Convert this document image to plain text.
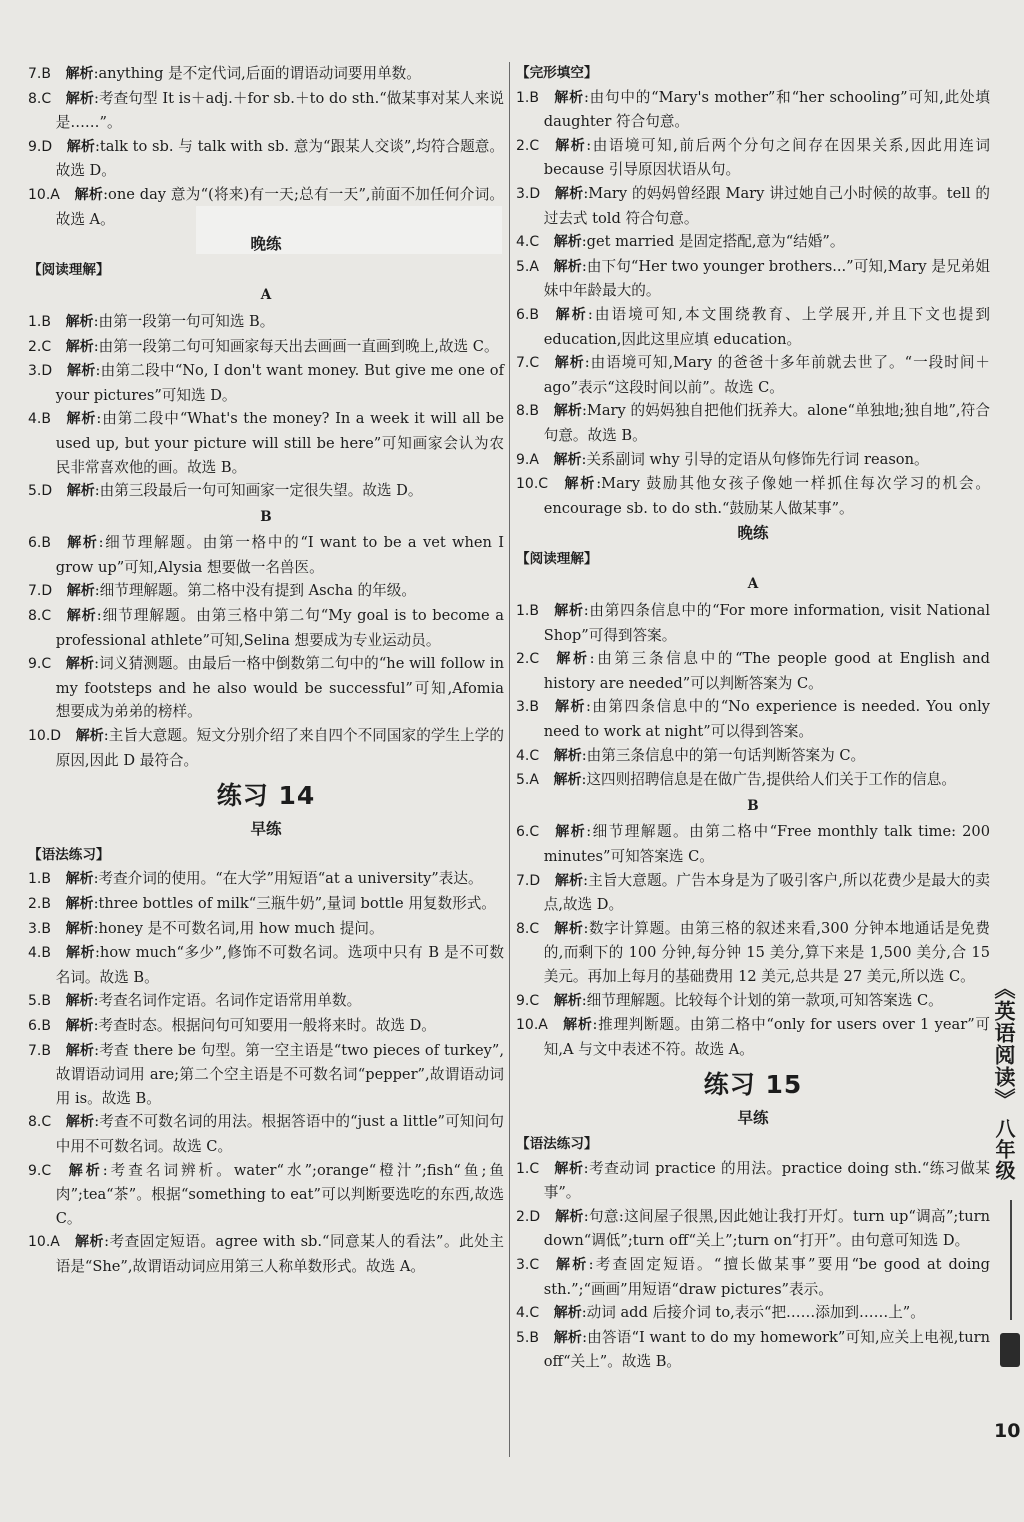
7.B  解析:anything 是不定代词,后面的谓语动词要用单数。

8.C  解析:考查句型 It is＋adj.＋for sb.＋to do sth.“做某事对某人来说是……”。

9.D  解析:talk to sb. 与 talk with sb. 意为“跟某人交谈”,均符合题意。故选 D。

10.A  解析:one day 意为“(将来)有一天;总有一天”,前面不加任何介词。故选 A。

晚练

【阅读理解】

A

1.B  解析:由第一段第一句可知选 B。

2.C  解析:由第一段第二句可知画家每天出去画画一直画到晚上,故选 C。

3.D  解析:由第二段中“No, I don't want money. But give me one of your pictures”可知选 D。

4.B  解析:由第二段中“What's the money? In a week it will all be used up, but your picture will still be here”可知画家会认为农民非常喜欢他的画。故选 B。

5.D  解析:由第三段最后一句可知画家一定很失望。故选 D。

B

6.B  解析:细节理解题。由第一格中的“I want to be a vet when I grow up”可知,Alysia 想要做一名兽医。

7.D  解析:细节理解题。第二格中没有提到 Ascha 的年级。

8.C  解析:细节理解题。由第三格中第二句“My goal is to become a professional athlete”可知,Selina 想要成为专业运动员。

9.C  解析:词义猜测题。由最后一格中倒数第二句中的“he will follow in my footsteps and he also would be successful”可知,Afomia 想要成为弟弟的榜样。

10.D  解析:主旨大意题。短文分别介绍了来自四个不同国家的学生上学的原因,因此 D 最符合。

练习 14

早练

【语法练习】

1.B  解析:考查介词的使用。“在大学”用短语“at a university”表达。

2.B  解析:three bottles of milk“三瓶牛奶”,量词 bottle 用复数形式。

3.B  解析:honey 是不可数名词,用 how much 提问。

4.B  解析:how much“多少”,修饰不可数名词。选项中只有 B 是不可数名词。故选 B。

5.B  解析:考查名词作定语。名词作定语常用单数。

6.B  解析:考查时态。根据问句可知要用一般将来时。故选 D。

7.B  解析:考查 there be 句型。第一空主语是“two pieces of turkey”,故谓语动词用 are;第二个空主语是不可数名词“pepper”,故谓语动词用 is。故选 B。

8.C  解析:考查不可数名词的用法。根据答语中的“just a little”可知问句中用不可数名词。故选 C。

9.C  解析:考查名词辨析。water“水”;orange“橙汁”;fish“鱼;鱼肉”;tea“茶”。根据“something to eat”可以判断要选吃的东西,故选 C。

10.A  解析:考查固定短语。agree with sb.“同意某人的看法”。此处主语是“She”,故谓语动词应用第三人称单数形式。故选 A。

【完形填空】

1.B  解析:由句中的“Mary's mother”和“her schooling”可知,此处填 daughter 符合句意。

2.C  解析:由语境可知,前后两个分句之间存在因果关系,因此用连词 because 引导原因状语从句。

3.D  解析:Mary 的妈妈曾经跟 Mary 讲过她自己小时候的故事。tell 的过去式 told 符合句意。

4.C  解析:get married 是固定搭配,意为“结婚”。

5.A  解析:由下句“Her two younger brothers...”可知,Mary 是兄弟姐妹中年龄最大的。

6.B  解析:由语境可知,本文围绕教育、上学展开,并且下文也提到 education,因此这里应填 education。

7.C  解析:由语境可知,Mary 的爸爸十多年前就去世了。“一段时间＋ago”表示“这段时间以前”。故选 C。

8.B  解析:Mary 的妈妈独自把他们抚养大。alone“单独地;独自地”,符合句意。故选 B。

9.A  解析:关系副词 why 引导的定语从句修饰先行词 reason。

10.C  解析:Mary 鼓励其他女孩子像她一样抓住每次学习的机会。encourage sb. to do sth.“鼓励某人做某事”。

晚练

【阅读理解】

A

1.B  解析:由第四条信息中的“For more information, visit National Shop”可得到答案。

2.C  解析:由第三条信息中的“The people good at English and history are needed”可以判断答案为 C。

3.B  解析:由第四条信息中的“No experience is needed. You only need to work at night”可以得到答案。

4.C  解析:由第三条信息中的第一句话判断答案为 C。

5.A  解析:这四则招聘信息是在做广告,提供给人们关于工作的信息。

B

6.C  解析:细节理解题。由第二格中“Free monthly talk time: 200 minutes”可知答案选 C。

7.D  解析:主旨大意题。广告本身是为了吸引客户,所以花费少是最大的卖点,故选 D。

8.C  解析:数字计算题。由第三格的叙述来看,300 分钟本地通话是免费的,而剩下的 100 分钟,每分钟 15 美分,算下来是 1,500 美分,合 15 美元。再加上每月的基础费用 12 美元,总共是 27 美元,所以选 C。

9.C  解析:细节理解题。比较每个计划的第一款项,可知答案选 C。

10.A  解析:推理判断题。由第二格中“only for users over 1 year”可知,A 与文中表述不符。故选 A。

练习 15

早练

【语法练习】

1.C  解析:考查动词 practice 的用法。practice doing sth.“练习做某事”。

2.D  解析:句意:这间屋子很黑,因此她让我打开灯。turn up“调高”;turn down“调低”;turn off“关上”;turn on“打开”。由句意可知选 D。

3.C  解析:考查固定短语。“擅长做某事”要用“be good at doing sth.”;“画画”用短语“draw pictures”表示。

4.C  解析:动词 add 后接介词 to,表示“把……添加到……上”。

5.B  解析:由答语“I want to do my homework”可知,应关上电视,turn off“关上”。故选 B。

《英语阅读》
八年级
10
